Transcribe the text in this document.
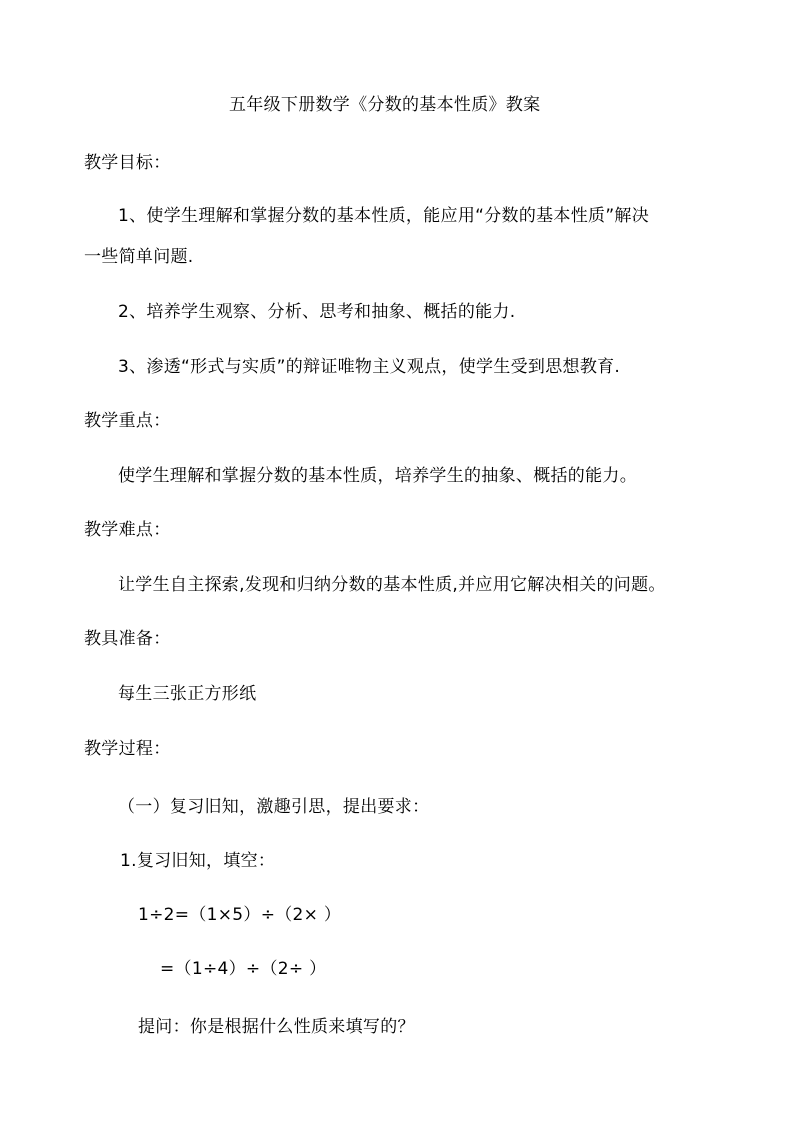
五年级下册数学《分数的基本性质》教案
教学目标：
1、使学生理解和掌握分数的基本性质，能应用“分数的基本性质”解决
一些简单问题.
2、培养学生观察、分析、思考和抽象、概括的能力.
3、渗透“形式与实质”的辩证唯物主义观点，使学生受到思想教育.
教学重点：
使学生理解和掌握分数的基本性质，培养学生的抽象、概括的能力。
教学难点：
让学生自主探索,发现和归纳分数的基本性质,并应用它解决相关的问题。
教具准备：
每生三张正方形纸
教学过程：
（一）复习旧知，激趣引思，提出要求：
1.复习旧知，填空：
1÷2=（1×5）÷（2× ）
=（1÷4）÷（2÷ ）
提问：你是根据什么性质来填写的？
